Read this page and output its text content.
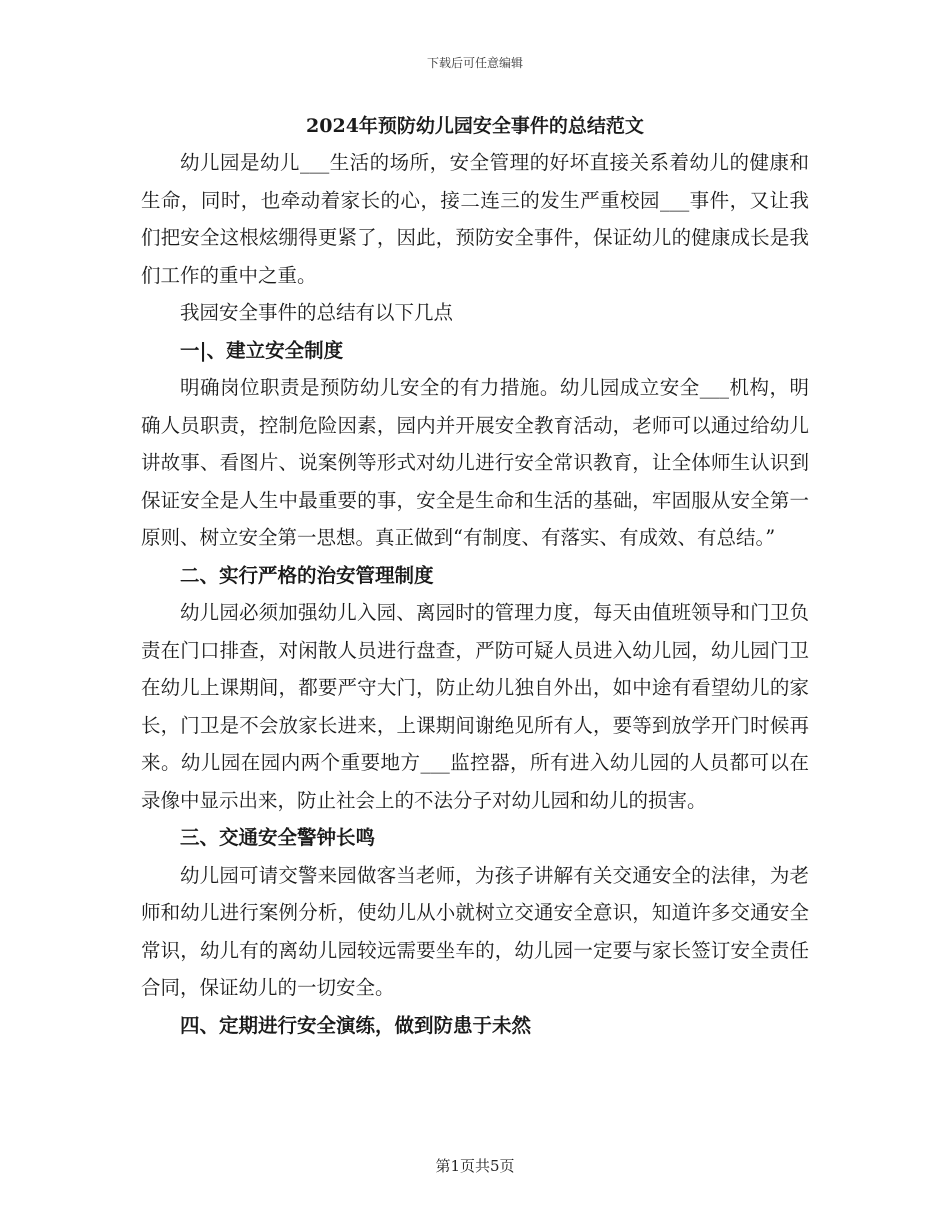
下载后可任意编辑
2024年预防幼儿园安全事件的总结范文

幼儿园是幼儿___生活的场所，安全管理的好坏直接关系着幼儿的健康和生命，同时，也牵动着家长的心，接二连三的发生严重校园___事件，又让我们把安全这根炫绷得更紧了，因此，预防安全事件，保证幼儿的健康成长是我们工作的重中之重。

我园安全事件的总结有以下几点

一|、建立安全制度

明确岗位职责是预防幼儿安全的有力措施。幼儿园成立安全___机构，明确人员职责，控制危险因素，园内并开展安全教育活动，老师可以通过给幼儿讲故事、看图片、说案例等形式对幼儿进行安全常识教育，让全体师生认识到保证安全是人生中最重要的事，安全是生命和生活的基础，牢固服从安全第一原则、树立安全第一思想。真正做到“有制度、有落实、有成效、有总结。”

二、实行严格的治安管理制度

幼儿园必须加强幼儿入园、离园时的管理力度，每天由值班领导和门卫负责在门口排查，对闲散人员进行盘查，严防可疑人员进入幼儿园，幼儿园门卫在幼儿上课期间，都要严守大门，防止幼儿独自外出，如中途有看望幼儿的家长，门卫是不会放家长进来，上课期间谢绝见所有人，要等到放学开门时候再来。幼儿园在园内两个重要地方___监控器，所有进入幼儿园的人员都可以在录像中显示出来，防止社会上的不法分子对幼儿园和幼儿的损害。

三、交通安全警钟长鸣

幼儿园可请交警来园做客当老师，为孩子讲解有关交通安全的法律，为老师和幼儿进行案例分析，使幼儿从小就树立交通安全意识，知道许多交通安全常识，幼儿有的离幼儿园较远需要坐车的，幼儿园一定要与家长签订安全责任合同，保证幼儿的一切安全。

四、定期进行安全演练，做到防患于未然

第1页共5页
